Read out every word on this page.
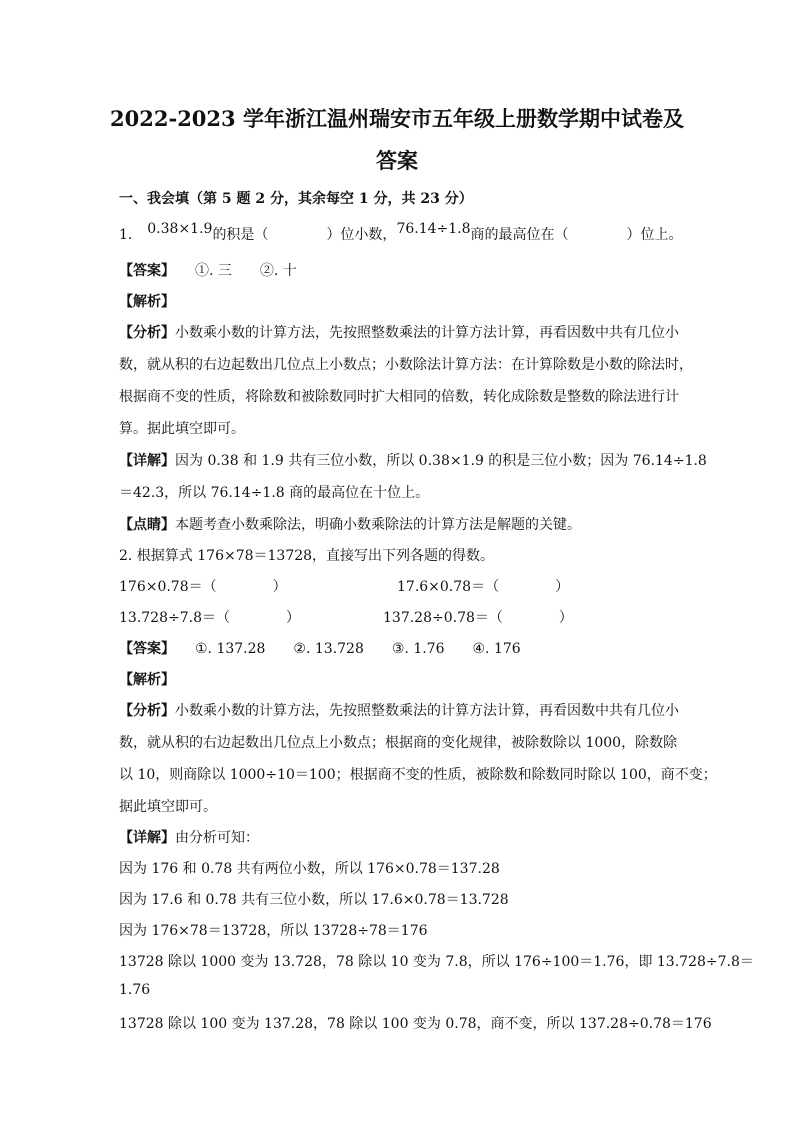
2022-2023 学年浙江温州瑞安市五年级上册数学期中试卷及
答案
一、我会填（第 5 题 2 分，其余每空 1 分，共 23 分）
1. 0.38×1.9的积是（	）位小数，76.14÷1.8商的最高位在（	）位上。
【答案】 ①. 三　　②. 十
【解析】
【分析】小数乘小数的计算方法，先按照整数乘法的计算方法计算，再看因数中共有几位小
数，就从积的右边起数出几位点上小数点；小数除法计算方法：在计算除数是小数的除法时，
根据商不变的性质，将除数和被除数同时扩大相同的倍数，转化成除数是整数的除法进行计
算。据此填空即可。
【详解】因为 0.38 和 1.9 共有三位小数，所以 0.38×1.9 的积是三位小数；因为 76.14÷1.8
＝42.3，所以 76.14÷1.8 商的最高位在十位上。
【点睛】本题考查小数乘除法，明确小数乘除法的计算方法是解题的关键。
2. 根据算式 176×78＝13728，直接写出下列各题的得数。
176×0.78＝（　　　　）	17.6×0.78＝（　　　　）
13.728÷7.8＝（　　　　）	137.28÷0.78＝（　　　　）
【答案】 ①. 137.28　　②. 13.728　　③. 1.76　　④. 176
【解析】
【分析】小数乘小数的计算方法，先按照整数乘法的计算方法计算，再看因数中共有几位小
数，就从积的右边起数出几位点上小数点；根据商的变化规律，被除数除以 1000，除数除
以 10，则商除以 1000÷10＝100；根据商不变的性质，被除数和除数同时除以 100，商不变；
据此填空即可。
【详解】由分析可知：
因为 176 和 0.78 共有两位小数，所以 176×0.78＝137.28
因为 17.6 和 0.78 共有三位小数，所以 17.6×0.78＝13.728
因为 176×78＝13728，所以 13728÷78＝176
13728 除以 1000 变为 13.728，78 除以 10 变为 7.8，所以 176÷100＝1.76，即 13.728÷7.8＝
1.76
13728 除以 100 变为 137.28，78 除以 100 变为 0.78，商不变，所以 137.28÷0.78＝176
